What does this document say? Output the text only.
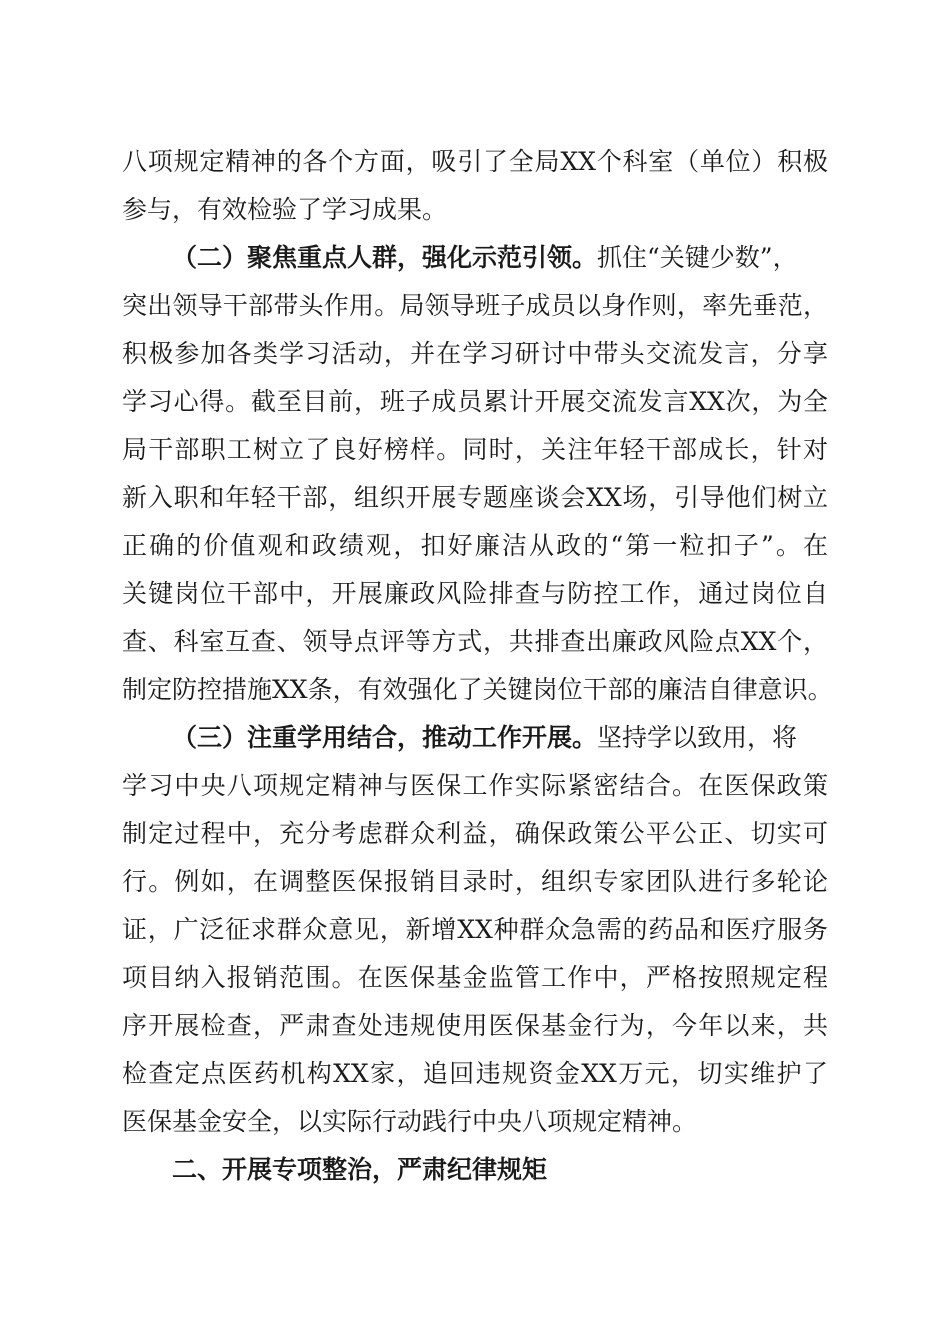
八项规定精神的各个方面，吸引了全局XX个科室（单位）积极
参与，有效检验了学习成果。
（二）聚焦重点人群，强化示范引领。抓住“关键少数”，
突出领导干部带头作用。局领导班子成员以身作则，率先垂范，
积极参加各类学习活动，并在学习研讨中带头交流发言，分享
学习心得。截至目前，班子成员累计开展交流发言XX次，为全
局干部职工树立了良好榜样。同时，关注年轻干部成长，针对
新入职和年轻干部，组织开展专题座谈会XX场，引导他们树立
正确的价值观和政绩观，扣好廉洁从政的“第一粒扣子”。在
关键岗位干部中，开展廉政风险排查与防控工作，通过岗位自
查、科室互查、领导点评等方式，共排查出廉政风险点XX个，
制定防控措施XX条，有效强化了关键岗位干部的廉洁自律意识。
（三）注重学用结合，推动工作开展。坚持学以致用，将
学习中央八项规定精神与医保工作实际紧密结合。在医保政策
制定过程中，充分考虑群众利益，确保政策公平公正、切实可
行。例如，在调整医保报销目录时，组织专家团队进行多轮论
证，广泛征求群众意见，新增XX种群众急需的药品和医疗服务
项目纳入报销范围。在医保基金监管工作中，严格按照规定程
序开展检查，严肃查处违规使用医保基金行为，今年以来，共
检查定点医药机构XX家，追回违规资金XX万元，切实维护了
医保基金安全，以实际行动践行中央八项规定精神。
二、开展专项整治，严肃纪律规矩
